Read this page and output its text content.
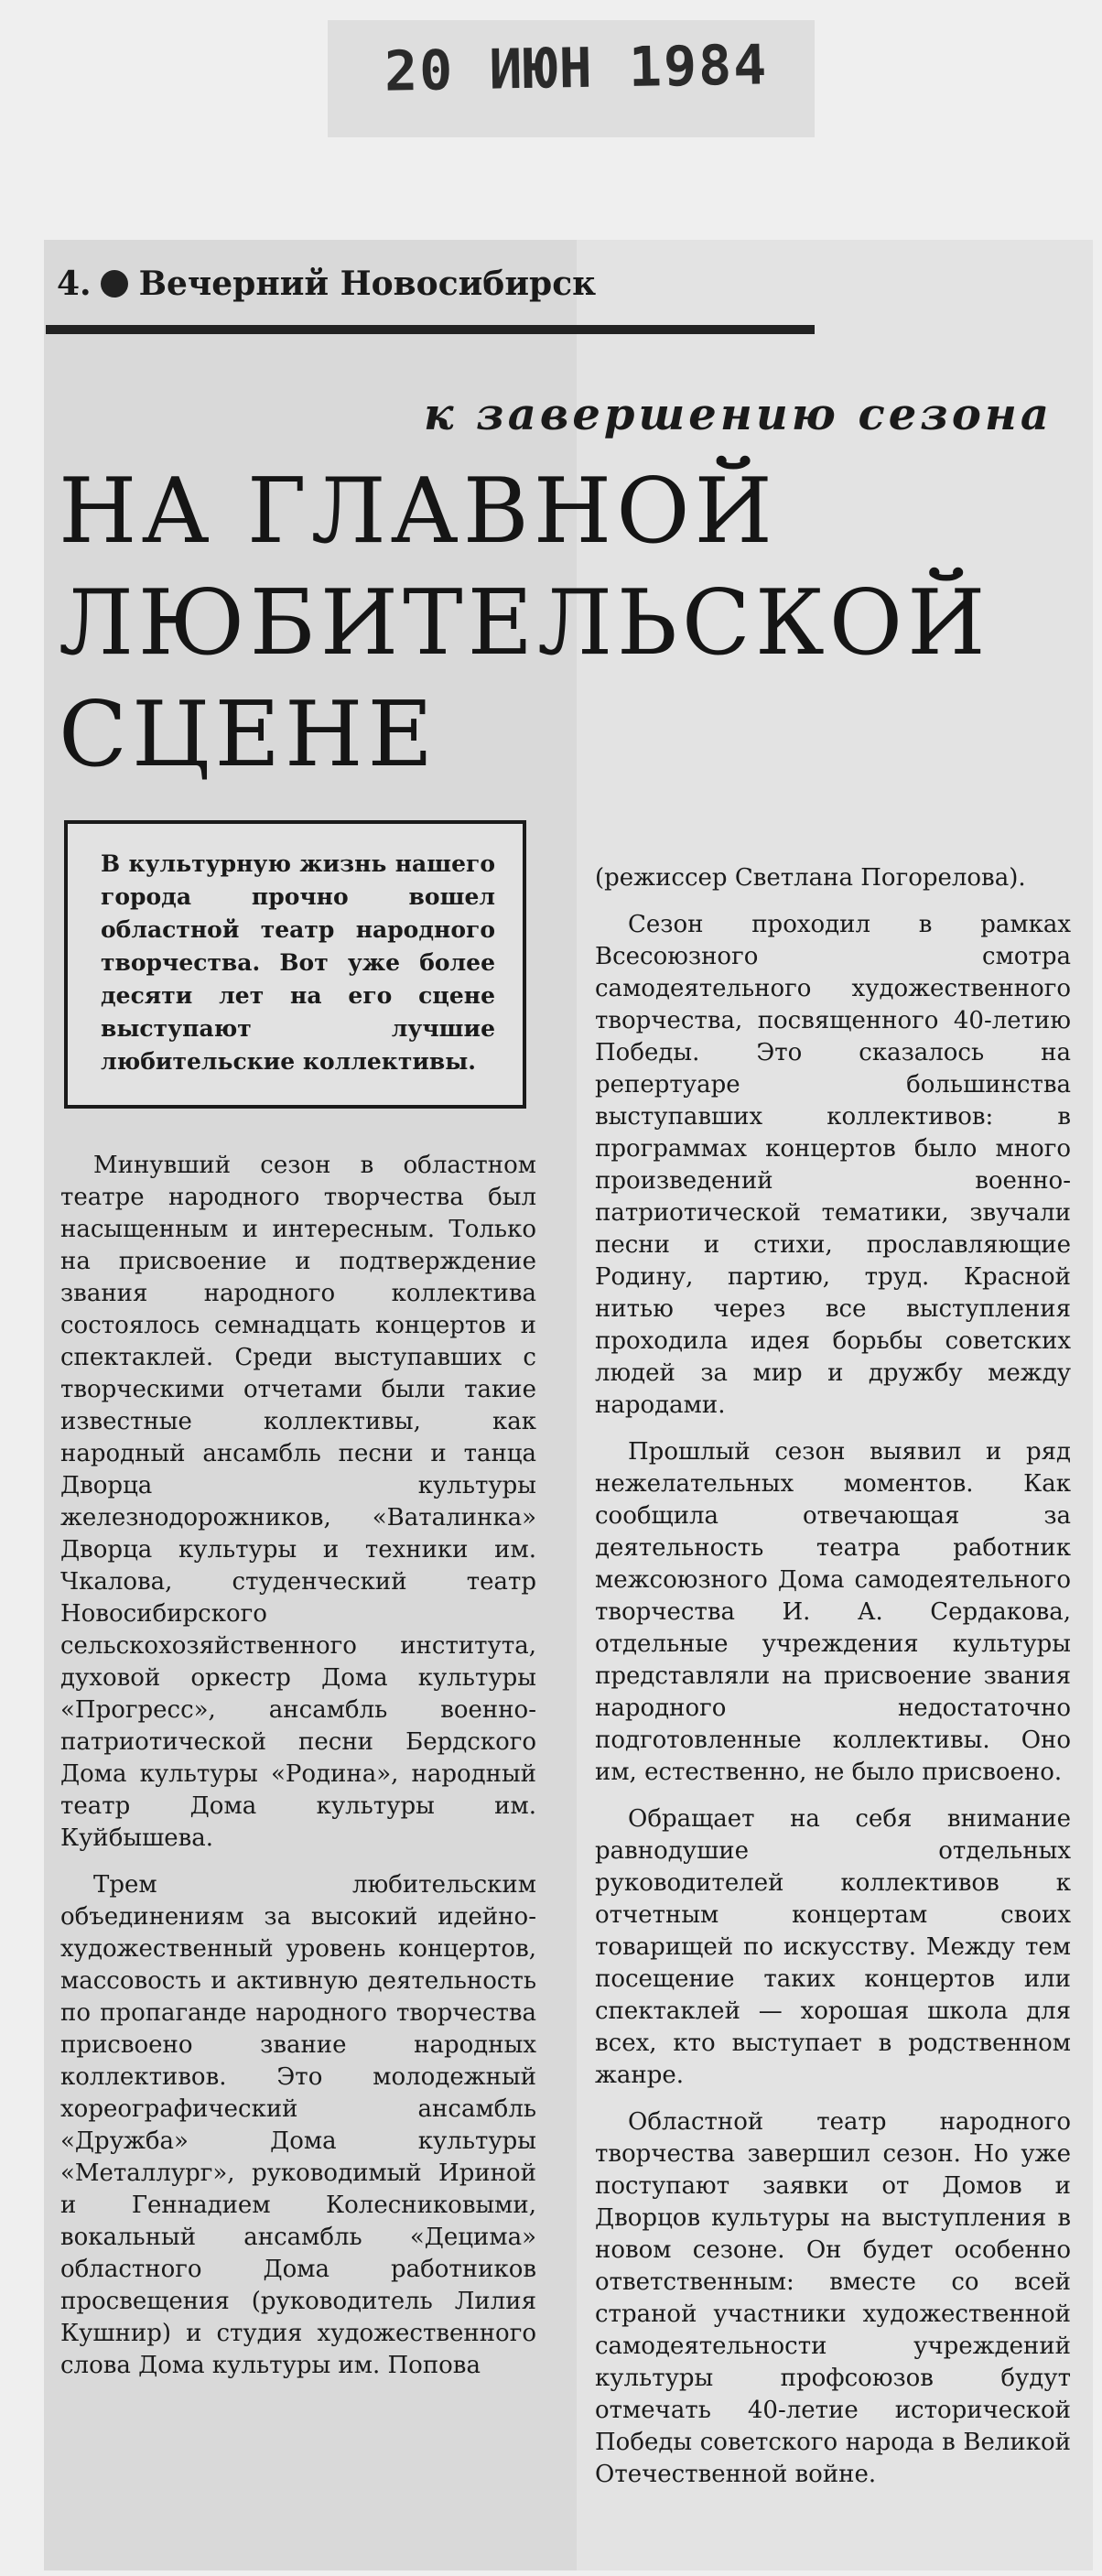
20 ИЮН 1984
4. Вечерний Новосибирск
к завершению сезона
НА ГЛАВНОЙ
ЛЮБИТЕЛЬСКОЙ
СЦЕНЕ
В культурную жизнь нашего города прочно вошел областной театр народного творчества. Вот уже более десяти лет на его сцене выступают лучшие любительские коллективы.

Минувший сезон в областном театре народного творчества был насыщенным и интересным. Только на присвоение и подтверждение звания народного коллектива состоялось семнадцать концертов и спектаклей. Среди выступавших с творческими отчетами были такие известные коллективы, как народный ансамбль песни и танца Дворца культуры железнодорожников, «Ваталинка» Дворца культуры и техники им. Чкалова, студенческий театр Новосибирского сельскохозяйственного института, духовой оркестр Дома культуры «Прогресс», ансамбль военно-патриотической песни Бердского Дома культуры «Родина», народный театр Дома культуры им. Куйбышева.

Трем любительским объединениям за высокий идейно-художественный уровень концертов, массовость и активную деятельность по пропаганде народного творчества присвоено звание народных коллективов. Это молодежный хореографический ансамбль «Дружба» Дома культуры «Металлург», руководимый Ириной и Геннадием Колесниковыми, вокальный ансамбль «Децима» областного Дома работников просвещения (руководитель Лилия Кушнир) и студия художественного слова Дома культуры им. Попова

(режиссер Светлана Погорелова).

Сезон проходил в рамках Всесоюзного смотра самодеятельного художественного творчества, посвященного 40-летию Победы. Это сказалось на репертуаре большинства выступавших коллективов: в программах концертов было много произведений военно-патриотической тематики, звучали песни и стихи, прославляющие Родину, партию, труд. Красной нитью через все выступления проходила идея борьбы советских людей за мир и дружбу между народами.

Прошлый сезон выявил и ряд нежелательных моментов. Как сообщила отвечающая за деятельность театра работник межсоюзного Дома самодеятельного творчества И. А. Сердакова, отдельные учреждения культуры представляли на присвоение звания народного недостаточно подготовленные коллективы. Оно им, естественно, не было присвоено.

Обращает на себя внимание равнодушие отдельных руководителей коллективов к отчетным концертам своих товарищей по искусству. Между тем посещение таких концертов или спектаклей — хорошая школа для всех, кто выступает в родственном жанре.

Областной театр народного творчества завершил сезон. Но уже поступают заявки от Домов и Дворцов культуры на выступления в новом сезоне. Он будет особенно ответственным: вместе со всей страной участники художественной самодеятельности учреждений культуры профсоюзов будут отмечать 40-летие исторической Победы советского народа в Великой Отечественной войне.
